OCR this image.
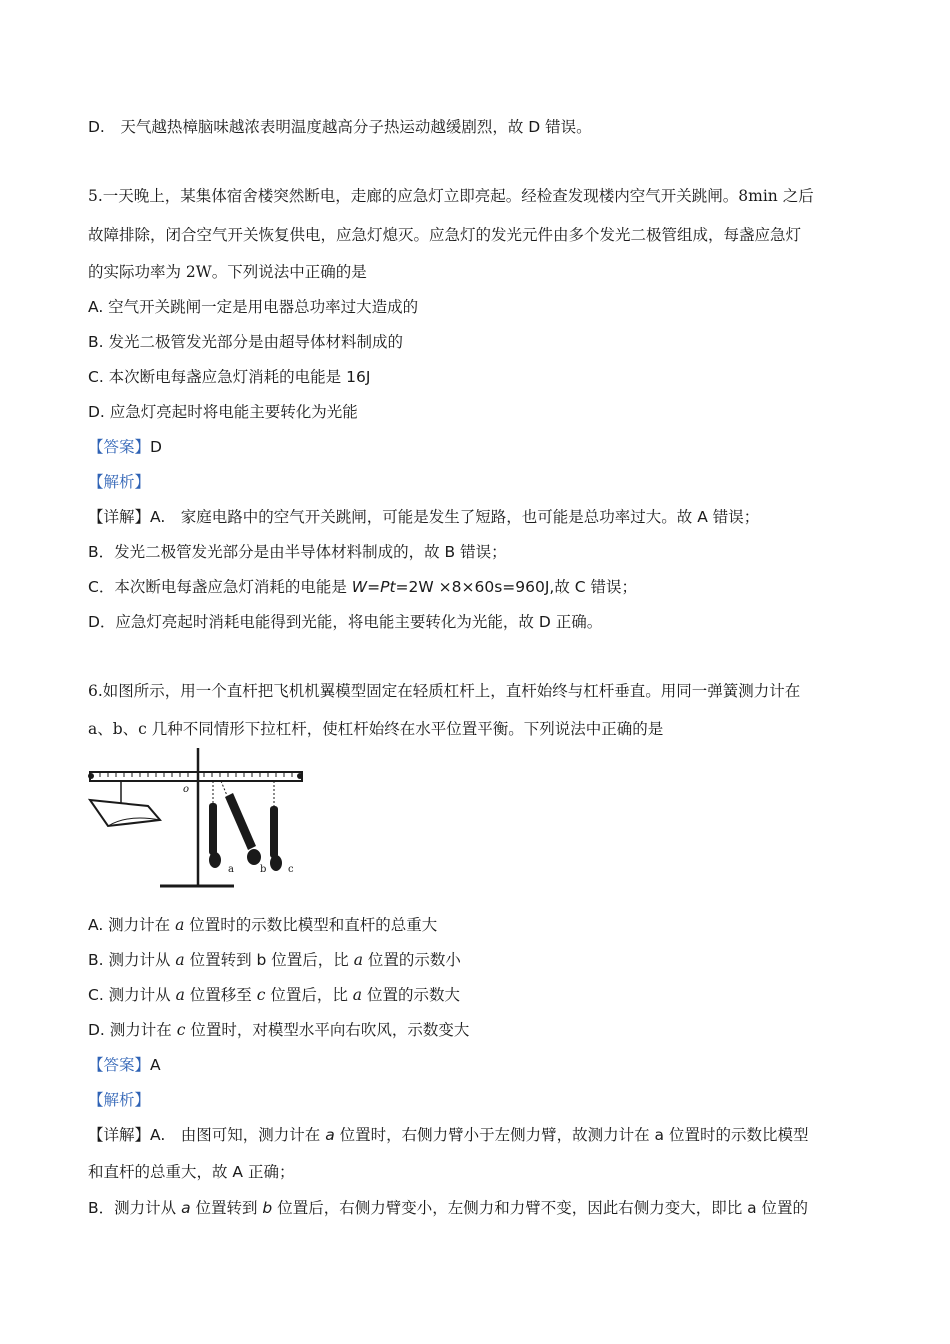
D.　天气越热樟脑味越浓表明温度越高分子热运动越缓剧烈，故 D 错误。
5.一天晚上，某集体宿舍楼突然断电，走廊的应急灯立即亮起。经检查发现楼内空气开关跳闸。8min 之后
故障排除，闭合空气开关恢复供电，应急灯熄灭。应急灯的发光元件由多个发光二极管组成，每盏应急灯
的实际功率为 2W。下列说法中正确的是
A. 空气开关跳闸一定是用电器总功率过大造成的
B. 发光二极管发光部分是由超导体材料制成的
C. 本次断电每盏应急灯消耗的电能是 16J
D. 应急灯亮起时将电能主要转化为光能
【答案】D
【解析】
【详解】A.　家庭电路中的空气开关跳闸，可能是发生了短路，也可能是总功率过大。故 A 错误；
B．发光二极管发光部分是由半导体材料制成的，故 B 错误；
C．本次断电每盏应急灯消耗的电能是 W=Pt=2W ×8×60s=960J,故 C 错误；
D．应急灯亮起时消耗电能得到光能，将电能主要转化为光能，故 D 正确。
6.如图所示，用一个直杆把飞机机翼模型固定在轻质杠杆上，直杆始终与杠杆垂直。用同一弹簧测力计在
a、b、c 几种不同情形下拉杠杆，使杠杆始终在水平位置平衡。下列说法中正确的是
o
a	b c
A. 测力计在 a 位置时的示数比模型和直杆的总重大
B. 测力计从 a 位置转到 b 位置后，比 a 位置的示数小
C. 测力计从 a 位置移至 c 位置后，比 a 位置的示数大
D. 测力计在 c 位置时，对模型水平向右吹风，示数变大
【答案】A
【解析】
【详解】A.　由图可知，测力计在 a 位置时，右侧力臂小于左侧力臂，故测力计在 a 位置时的示数比模型
和直杆的总重大，故 A 正确；
B．测力计从 a 位置转到 b 位置后，右侧力臂变小，左侧力和力臂不变，因此右侧力变大，即比 a 位置的
